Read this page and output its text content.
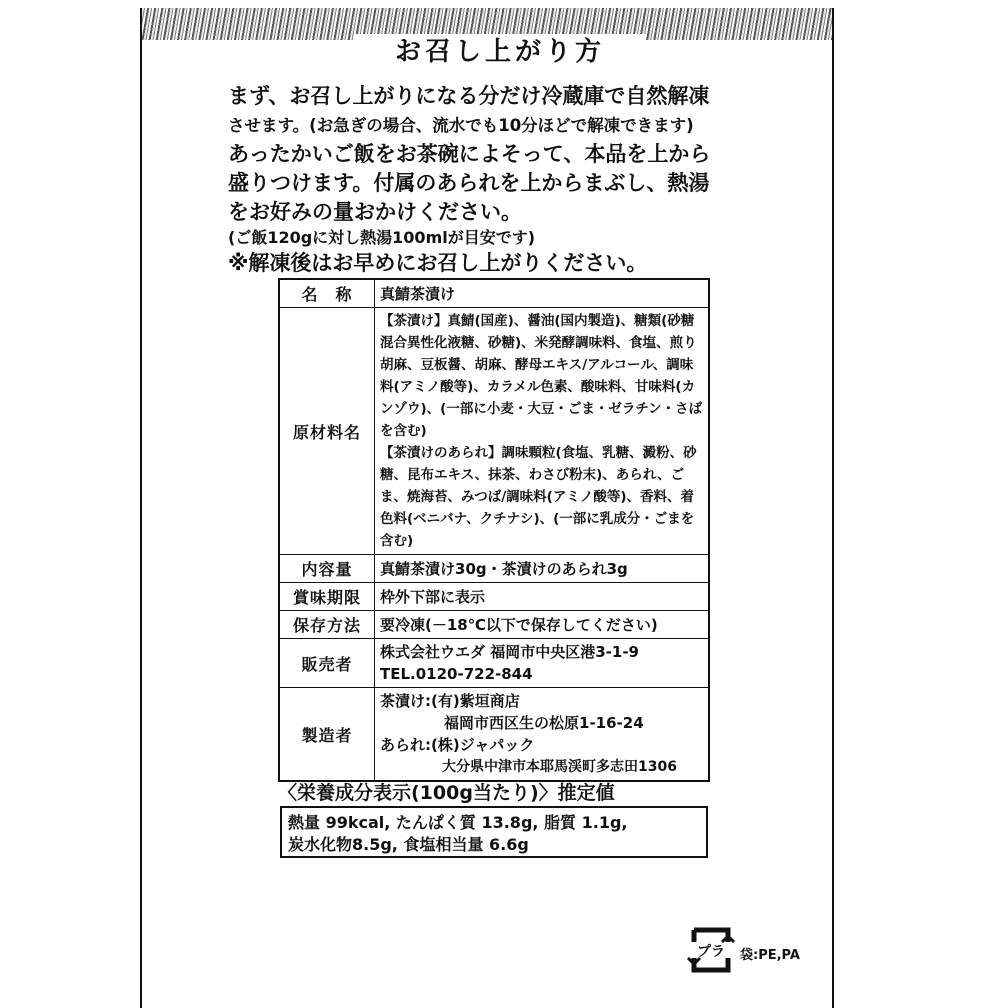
お召し上がり方
まず、お召し上がりになる分だけ冷蔵庫で自然解凍
させます。(お急ぎの場合、流水でも10分ほどで解凍できます)
あったかいご飯をお茶碗によそって、本品を上から
盛りつけます。付属のあられを上からまぶし、熱湯
をお好みの量おかけください。
(ご飯120gに対し熱湯100mlが目安です)
※解凍後はお早めにお召し上がりください。
名　称	真鯖茶漬け
原材料名	【茶漬け】真鯖(国産)、醤油(国内製造)、糖類(砂糖混合異性化液糖、砂糖)、米発酵調味料、食塩、煎り胡麻、豆板醤、胡麻、酵母エキス/アルコール、調味料(アミノ酸等)、カラメル色素、酸味料、甘味料(カンゾウ)、(一部に小麦・大豆・ごま・ゼラチン・さばを含む)
【茶漬けのあられ】調味顆粒(食塩、乳糖、澱粉、砂糖、昆布エキス、抹茶、わさび粉末)、あられ、ごま、焼海苔、みつば/調味料(アミノ酸等)、香料、着色料(ベニバナ、クチナシ)、(一部に乳成分・ごまを含む)

内容量	真鯖茶漬け30g・茶漬けのあられ3g
賞味期限	枠外下部に表示
保存方法	要冷凍(－18℃以下で保存してください)
販売者	株式会社ウエダ 福岡市中央区港3-1-9
TEL.0120-722-844

製造者	茶漬け:(有)紫垣商店
福岡市西区生の松原1-16-24
あられ:(株)ジャパック
大分県中津市本耶馬渓町多志田1306
〈栄養成分表示(100g当たり)〉推定値
熱量 99kcal, たんぱく質 13.8g, 脂質 1.1g,
炭水化物8.5g, 食塩相当量 6.6g
プラ 袋:PE,PA
